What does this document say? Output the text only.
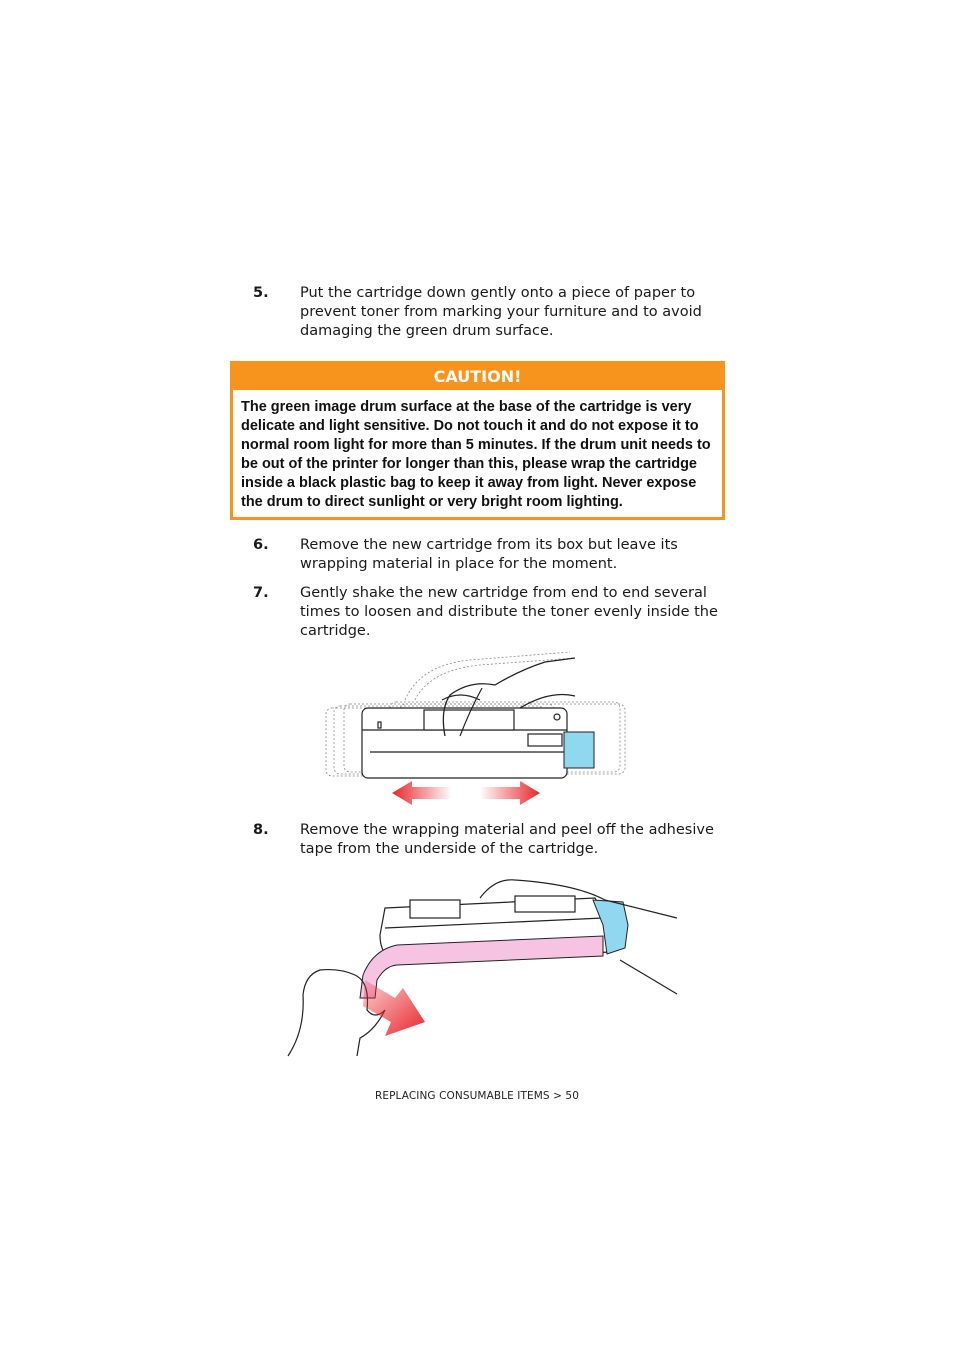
5. Put the cartridge down gently onto a piece of paper to prevent toner from marking your furniture and to avoid damaging the green drum surface.
CAUTION!
The green image drum surface at the base of the cartridge is very delicate and light sensitive. Do not touch it and do not expose it to normal room light for more than 5 minutes. If the drum unit needs to be out of the printer for longer than this, please wrap the cartridge inside a black plastic bag to keep it away from light. Never expose the drum to direct sunlight or very bright room lighting.
6. Remove the new cartridge from its box but leave its wrapping material in place for the moment.
7. Gently shake the new cartridge from end to end several times to loosen and distribute the toner evenly inside the cartridge.
8. Remove the wrapping material and peel off the adhesive tape from the underside of the cartridge.
REPLACING CONSUMABLE ITEMS > 50
